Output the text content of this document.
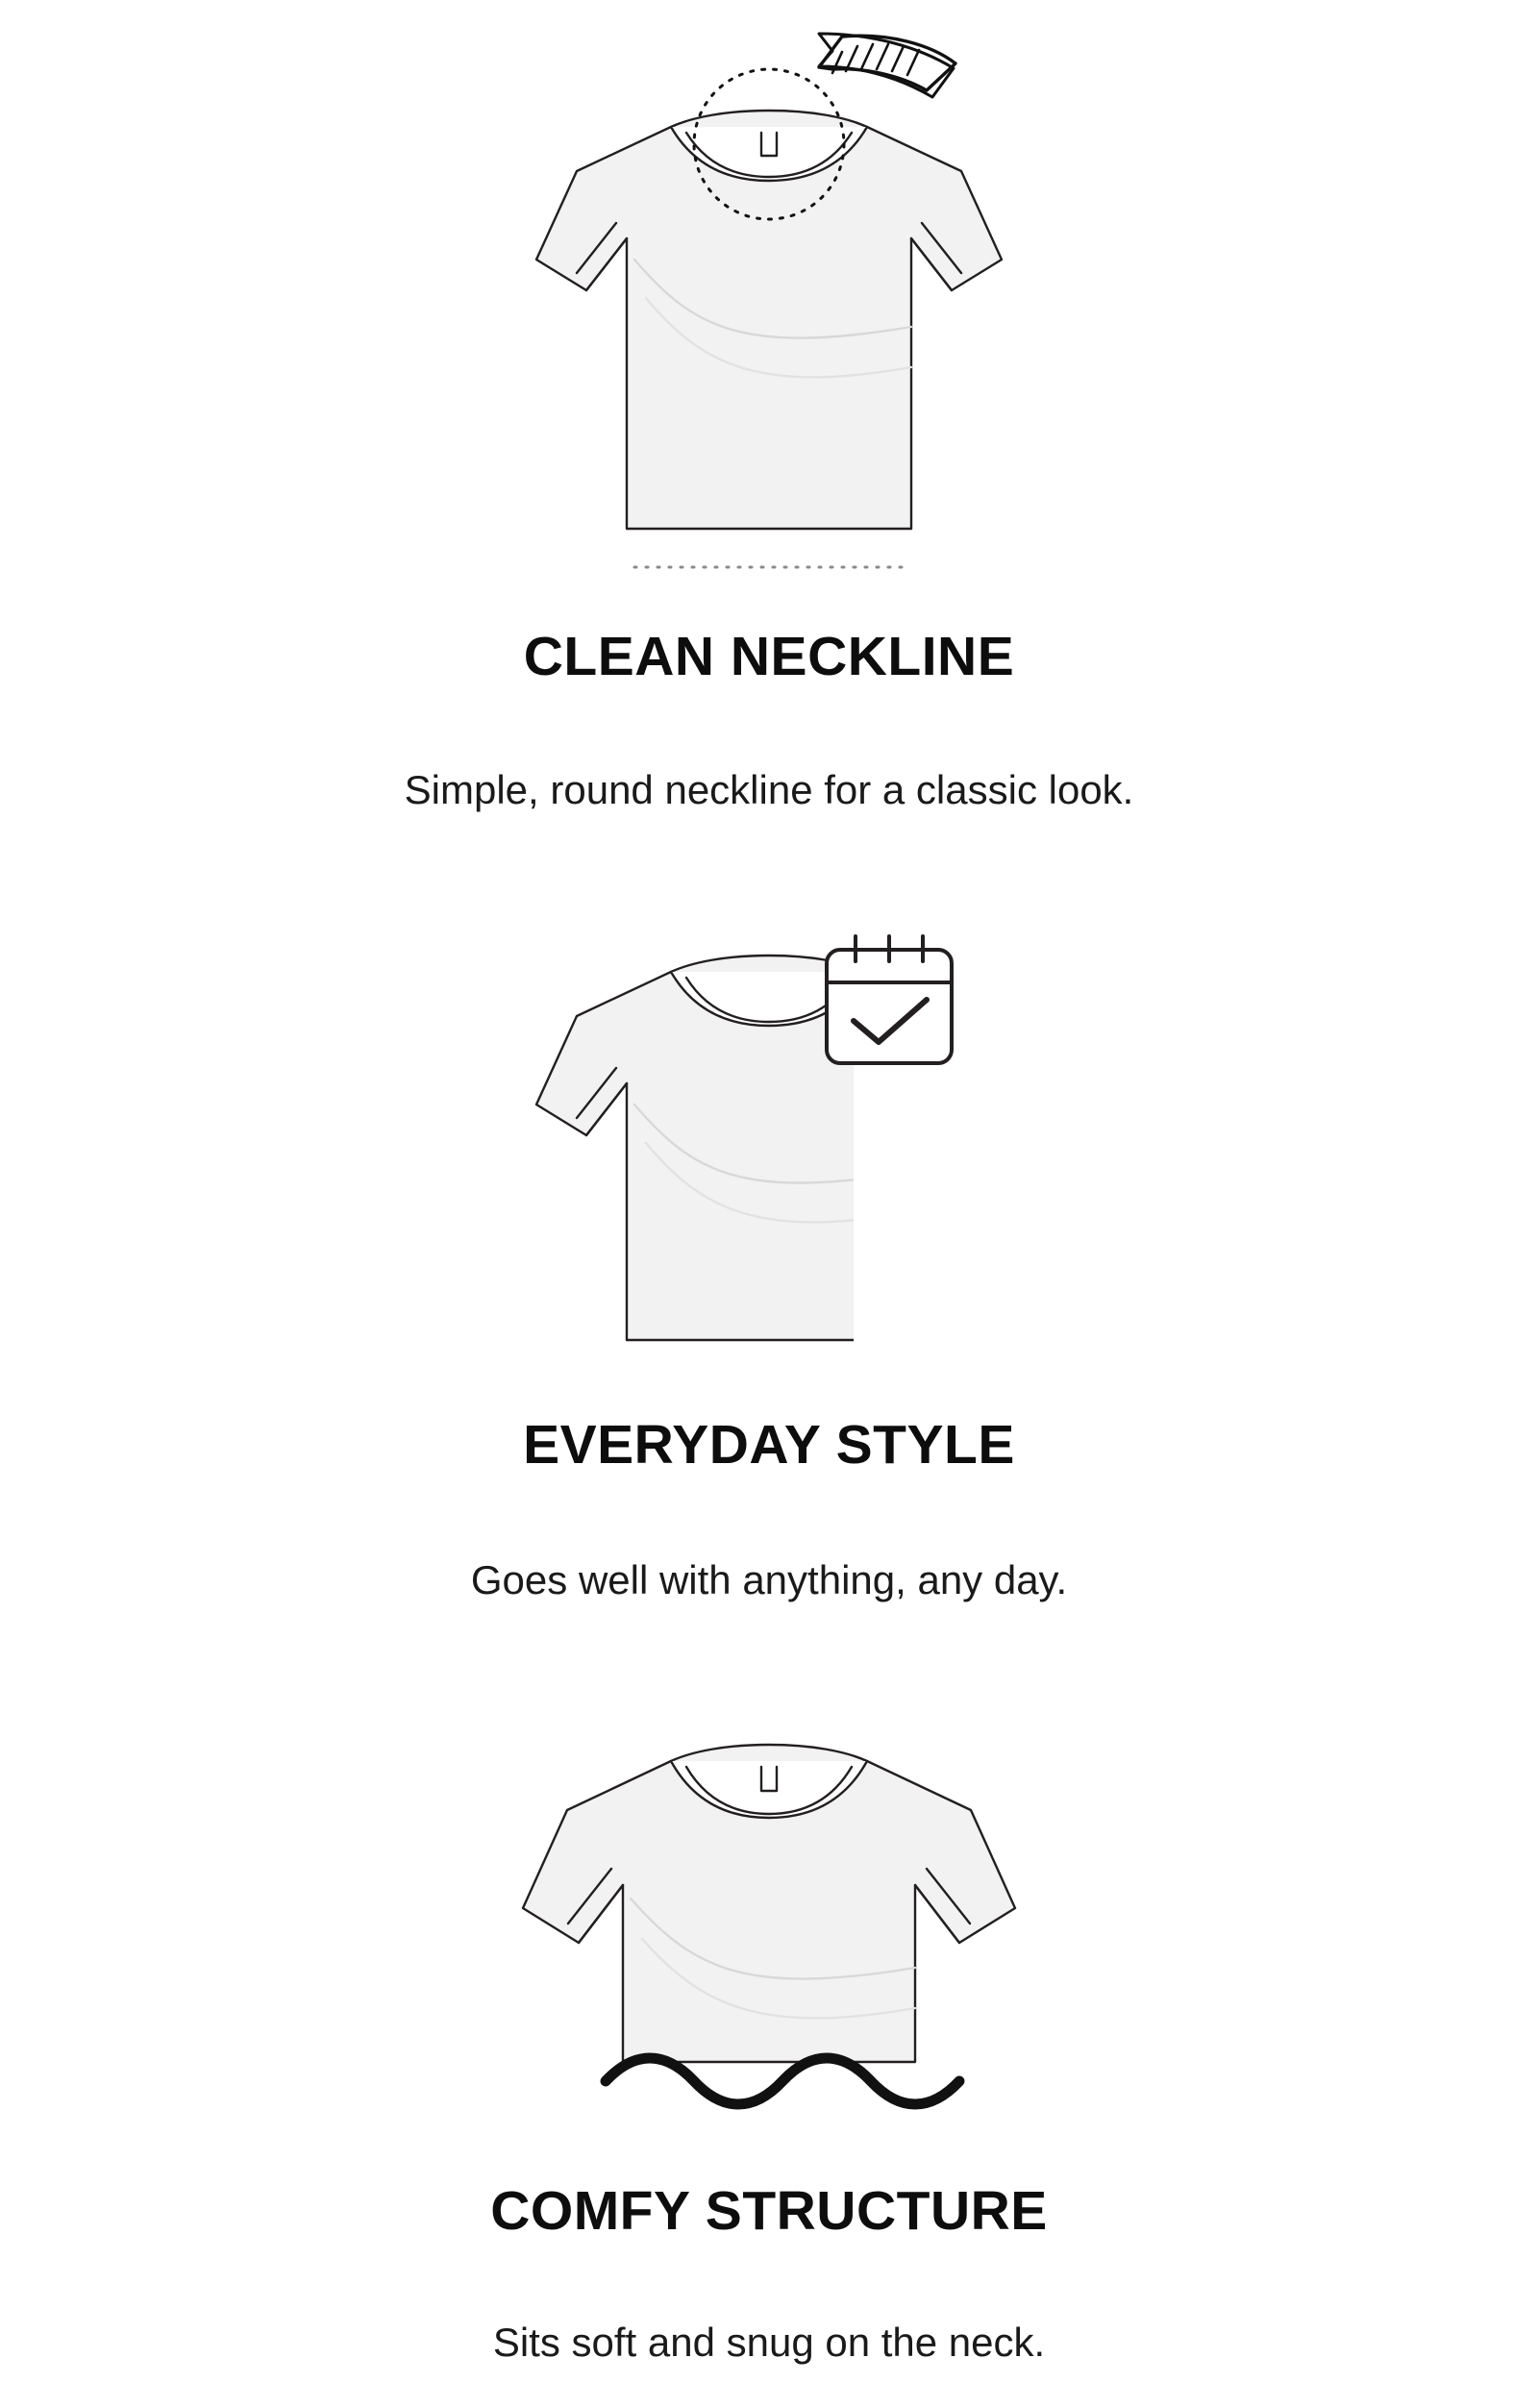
CLEAN NECKLINE

Simple, round neckline for a classic look.

EVERYDAY STYLE

Goes well with anything, any day.

COMFY STRUCTURE

Sits soft and snug on the neck.
